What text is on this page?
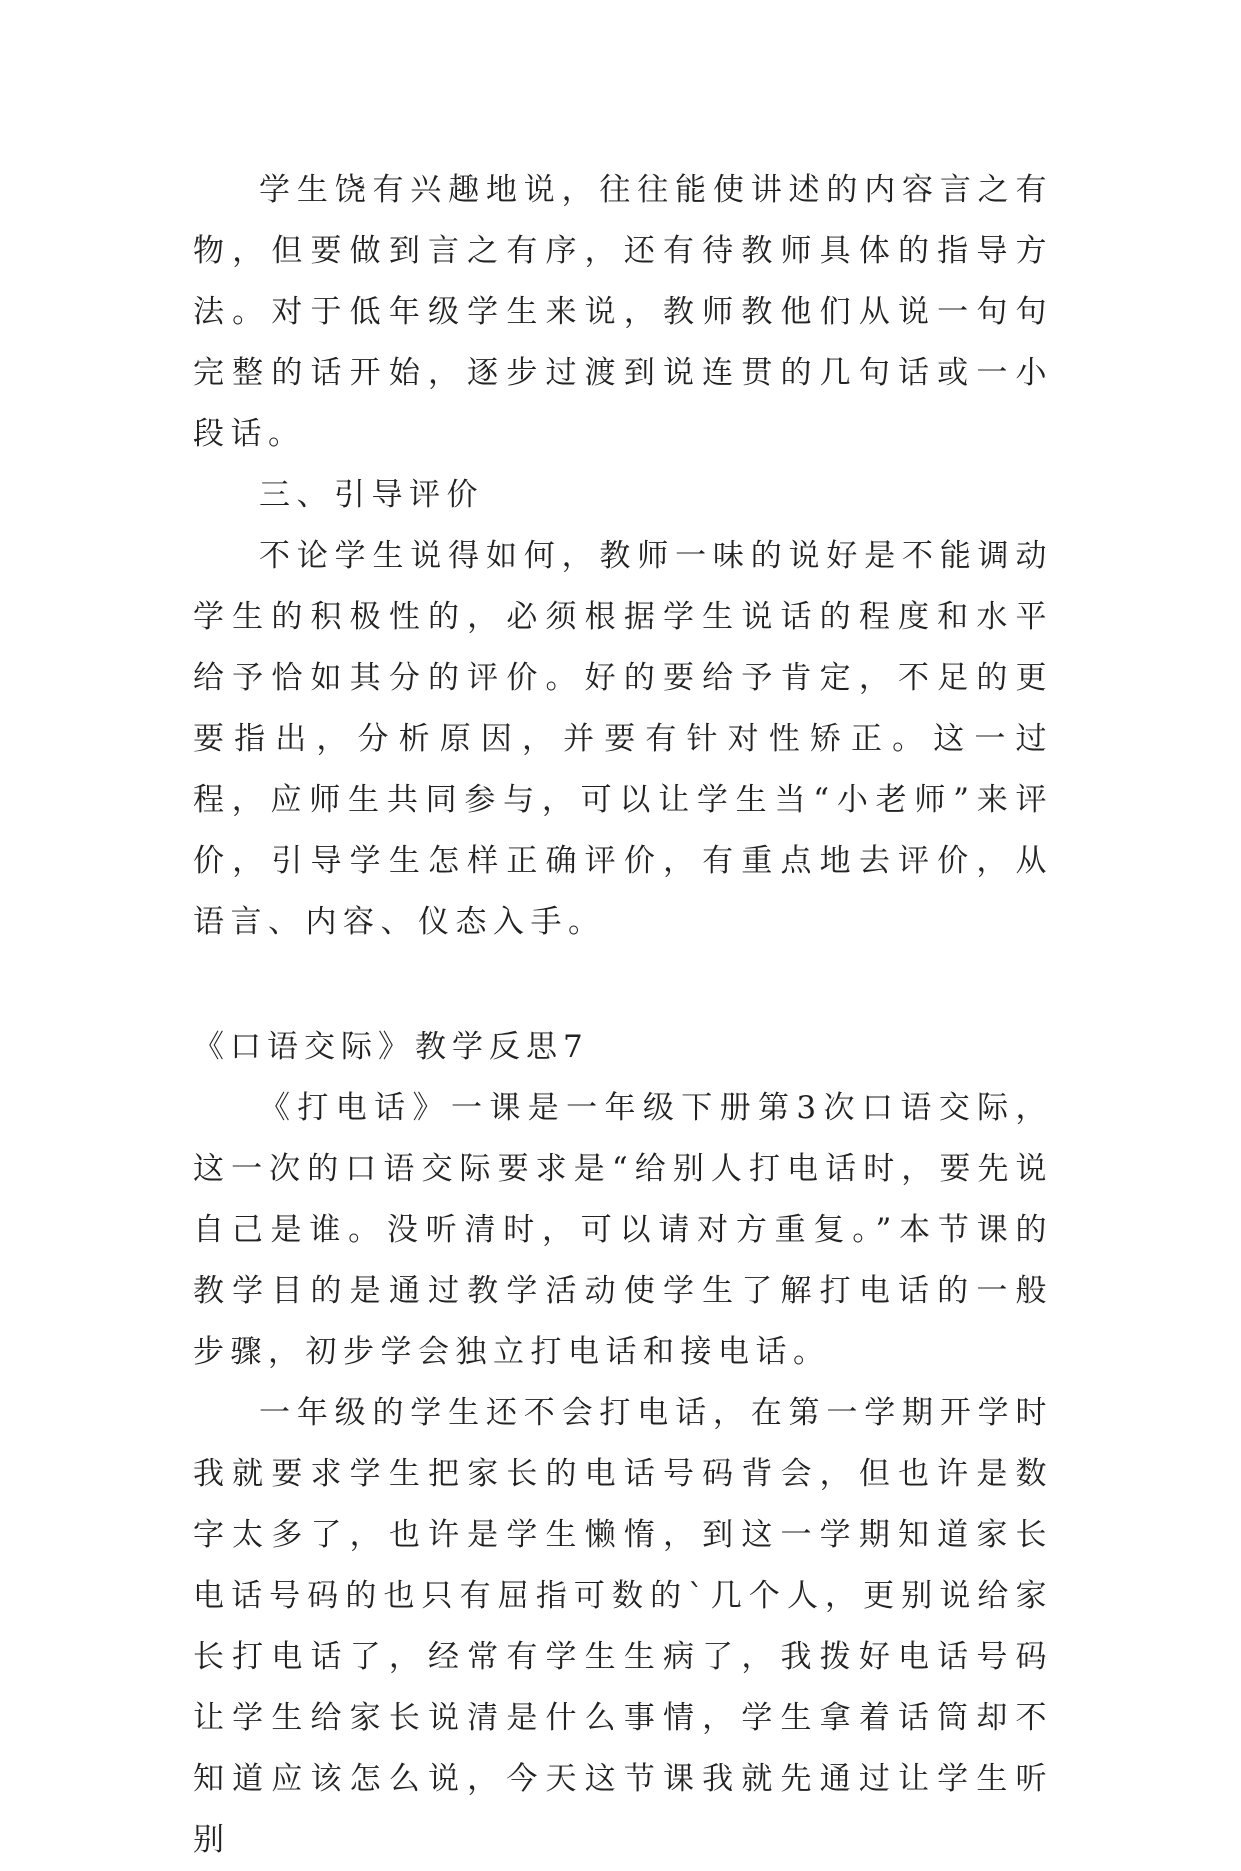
学生饶有兴趣地说，往往能使讲述的内容言之有物，但要做到言之有序，还有待教师具体的指导方法。对于低年级学生来说，教师教他们从说一句句完整的话开始，逐步过渡到说连贯的几句话或一小段话。

三、引导评价

不论学生说得如何，教师一味的说好是不能调动学生的积极性的，必须根据学生说话的程度和水平给予恰如其分的评价。好的要给予肯定，不足的更要指出，分析原因，并要有针对性矫正。这一过程，应师生共同参与，可以让学生当“小老师”来评价，引导学生怎样正确评价，有重点地去评价，从语言、内容、仪态入手。

《口语交际》教学反思7

《打电话》一课是一年级下册第3次口语交际，这一次的口语交际要求是“给别人打电话时，要先说自己是谁。没听清时，可以请对方重复。”本节课的教学目的是通过教学活动使学生了解打电话的一般步骤，初步学会独立打电话和接电话。

一年级的学生还不会打电话，在第一学期开学时我就要求学生把家长的电话号码背会，但也许是数字太多了，也许是学生懒惰，到这一学期知道家长电话号码的也只有屈指可数的`几个人，更别说给家长打电话了，经常有学生生病了，我拨好电话号码让学生给家长说清是什么事情，学生拿着话筒却不知道应该怎么说，今天这节课我就先通过让学生听别
